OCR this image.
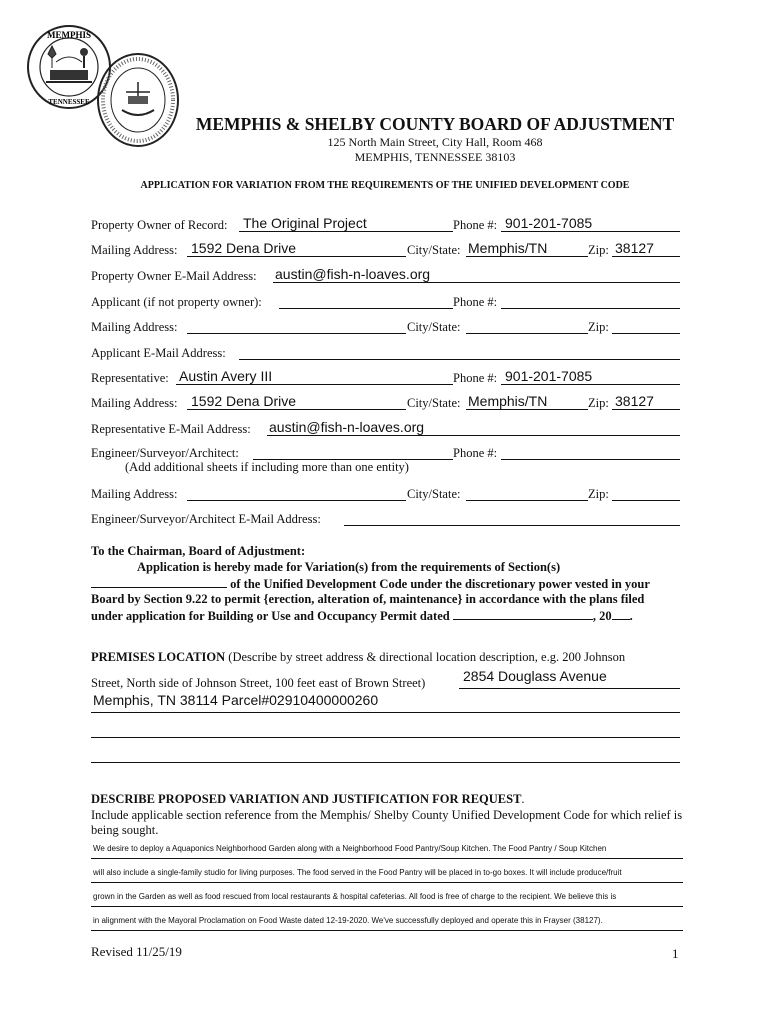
MEMPHIS
TENNESSEE
MEMPHIS & SHELBY COUNTY BOARD OF ADJUSTMENT
125 North Main Street, City Hall, Room 468
MEMPHIS, TENNESSEE 38103
APPLICATION FOR VARIATION FROM THE REQUIREMENTS OF THE UNIFIED DEVELOPMENT CODE
Property Owner of Record: The Original Project	Phone #: 901-201-7085
Mailing Address: 1592 Dena Drive	City/State: Memphis/TN	Zip: 38127
Property Owner E-Mail Address: austin@fish-n-loaves.org
Applicant (if not property owner):	Phone #:
Mailing Address:	City/State:	Zip:
Applicant E-Mail Address:
Representative: Austin Avery III	Phone #: 901-201-7085
Mailing Address: 1592 Dena Drive	City/State: Memphis/TN	Zip: 38127
Representative E-Mail Address: austin@fish-n-loaves.org
Engineer/Surveyor/Architect:	Phone #:
(Add additional sheets if including more than one entity)
Mailing Address:	City/State:	Zip:
Engineer/Surveyor/Architect E-Mail Address:
To the Chairman, Board of Adjustment:
Application is hereby made for Variation(s) from the requirements of Section(s)
of the Unified Development Code under the discretionary power vested in your
Board by Section 9.22 to permit {erection, alteration of, maintenance} in accordance with the plans filed
under application for Building or Use and Occupancy Permit dated	, 20 .
PREMISES LOCATION (Describe by street address & directional location description, e.g. 200 Johnson
Street, North side of Johnson Street, 100 feet east of Brown Street)	2854 Douglass Avenue
Memphis, TN 38114 Parcel#02910400000260
DESCRIBE PROPOSED VARIATION AND JUSTIFICATION FOR REQUEST.
Include applicable section reference from the Memphis/ Shelby County Unified Development Code for which relief is being sought.
We desire to deploy a Aquaponics Neighborhood Garden along with a Neighborhood Food Pantry/Soup Kitchen. The Food Pantry / Soup Kitchen
will also include a single-family studio for living purposes. The food served in the Food Pantry will be placed in to-go boxes. It will include produce/fruit
grown in the Garden as well as food rescued from local restaurants & hospital cafeterias. All food is free of charge to the recipient. We believe this is
in alignment with the Mayoral Proclamation on Food Waste dated 12-19-2020. We've successfully deployed and operate this in Frayser (38127).
Revised 11/25/19	1
